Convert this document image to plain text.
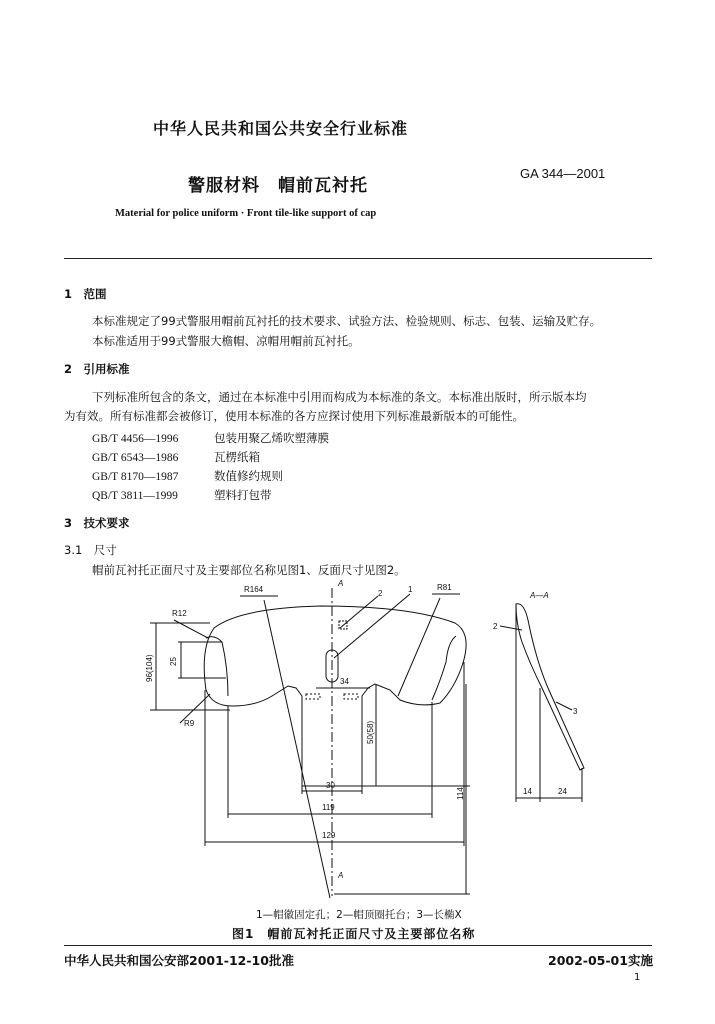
中华人民共和国公共安全行业标准
警服材料　帽前瓦衬托
GA 344—2001
Material for police uniform · Front tile-like support of cap
1　范围
本标准规定了99式警服用帽前瓦衬托的技术要求、试验方法、检验规则、标志、包装、运输及贮存。
本标准适用于99式警服大檐帽、凉帽用帽前瓦衬托。
2　引用标准
下列标准所包含的条文，通过在本标准中引用而构成为本标准的条文。本标准出版时，所示版本均
为有效。所有标准都会被修订，使用本标准的各方应探讨使用下列标准最新版本的可能性。
GB/T 4456—1996	包装用聚乙烯吹塑薄膜
GB/T 6543—1986	瓦楞纸箱
GB/T 8170—1987	数值修约规则
QB/T 3811—1999	塑料打包带
3　技术要求
3.1　尺寸
帽前瓦衬托正面尺寸及主要部位名称见图1、反面尺寸见图2。
R164
R12
R81
R9
25
96(104)	34
50(58)
30
119
129
114	14	24
A
A
A—A
1
2
2
3
1—帽徽固定孔；2—帽顶圈托台；3—长椭X
图1　帽前瓦衬托正面尺寸及主要部位名称
中华人民共和国公安部2001-12-10批准	2002-05-01实施
1
